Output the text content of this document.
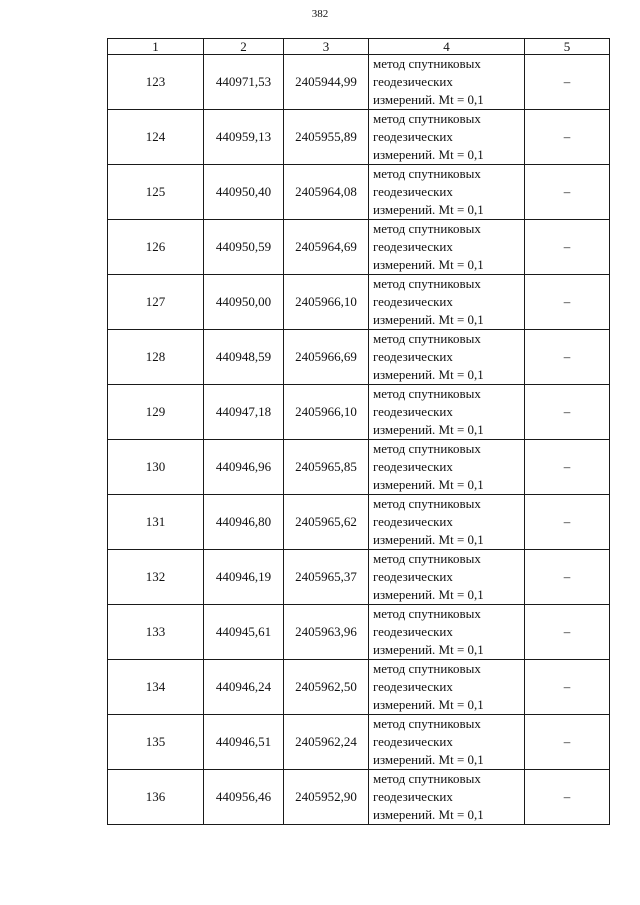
382
1	2	3	4	5
123	440971,53	2405944,99	метод спутниковых
геодезических
измерений. Mt = 0,1	–
124	440959,13	2405955,89	метод спутниковых
геодезических
измерений. Mt = 0,1	–
125	440950,40	2405964,08	метод спутниковых
геодезических
измерений. Mt = 0,1	–
126	440950,59	2405964,69	метод спутниковых
геодезических
измерений. Mt = 0,1	–
127	440950,00	2405966,10	метод спутниковых
геодезических
измерений. Mt = 0,1	–
128	440948,59	2405966,69	метод спутниковых
геодезических
измерений. Mt = 0,1	–
129	440947,18	2405966,10	метод спутниковых
геодезических
измерений. Mt = 0,1	–
130	440946,96	2405965,85	метод спутниковых
геодезических
измерений. Mt = 0,1	–
131	440946,80	2405965,62	метод спутниковых
геодезических
измерений. Mt = 0,1	–
132	440946,19	2405965,37	метод спутниковых
геодезических
измерений. Mt = 0,1	–
133	440945,61	2405963,96	метод спутниковых
геодезических
измерений. Mt = 0,1	–
134	440946,24	2405962,50	метод спутниковых
геодезических
измерений. Mt = 0,1	–
135	440946,51	2405962,24	метод спутниковых
геодезических
измерений. Mt = 0,1	–
136	440956,46	2405952,90	метод спутниковых
геодезических
измерений. Mt = 0,1	–
